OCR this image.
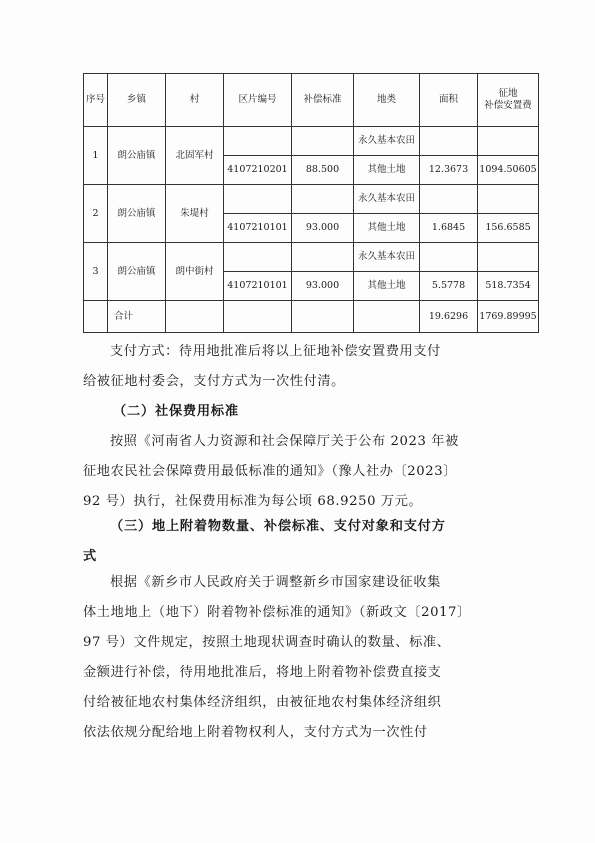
序号	乡镇	村	区片编号	补偿标准	地类	面积	征地
补偿安置费
1	朗公庙镇	北固军村			永久基本农田		
			4107210201	88.500	其他土地	12.3673	1094.50605
2	朗公庙镇	朱堤村			永久基本农田		
			4107210101	93.000	其他土地	1.6845	156.6585
3	朗公庙镇	朗中街村			永久基本农田		
			4107210101	93.000	其他土地	5.5778	518.7354
	合计					19.6296	1769.89995

支付方式：待用地批准后将以上征地补偿安置费用支付
给被征地村委会，支付方式为一次性付清。

（二）社保费用标准

按照《河南省人力资源和社会保障厅关于公布 2023 年被
征地农民社会保障费用最低标准的通知》（豫人社办〔2023〕
92 号）执行，社保费用标准为每公顷 68.9250 万元。

（三）地上附着物数量、补偿标准、支付对象和支付方
式

根据《新乡市人民政府关于调整新乡市国家建设征收集
体土地地上（地下）附着物补偿标准的通知》（新政文〔2017〕
97 号）文件规定，按照土地现状调查时确认的数量、标准、
金额进行补偿，待用地批准后，将地上附着物补偿费直接支
付给被征地农村集体经济组织，由被征地农村集体经济组织
依法依规分配给地上附着物权利人，支付方式为一次性付
